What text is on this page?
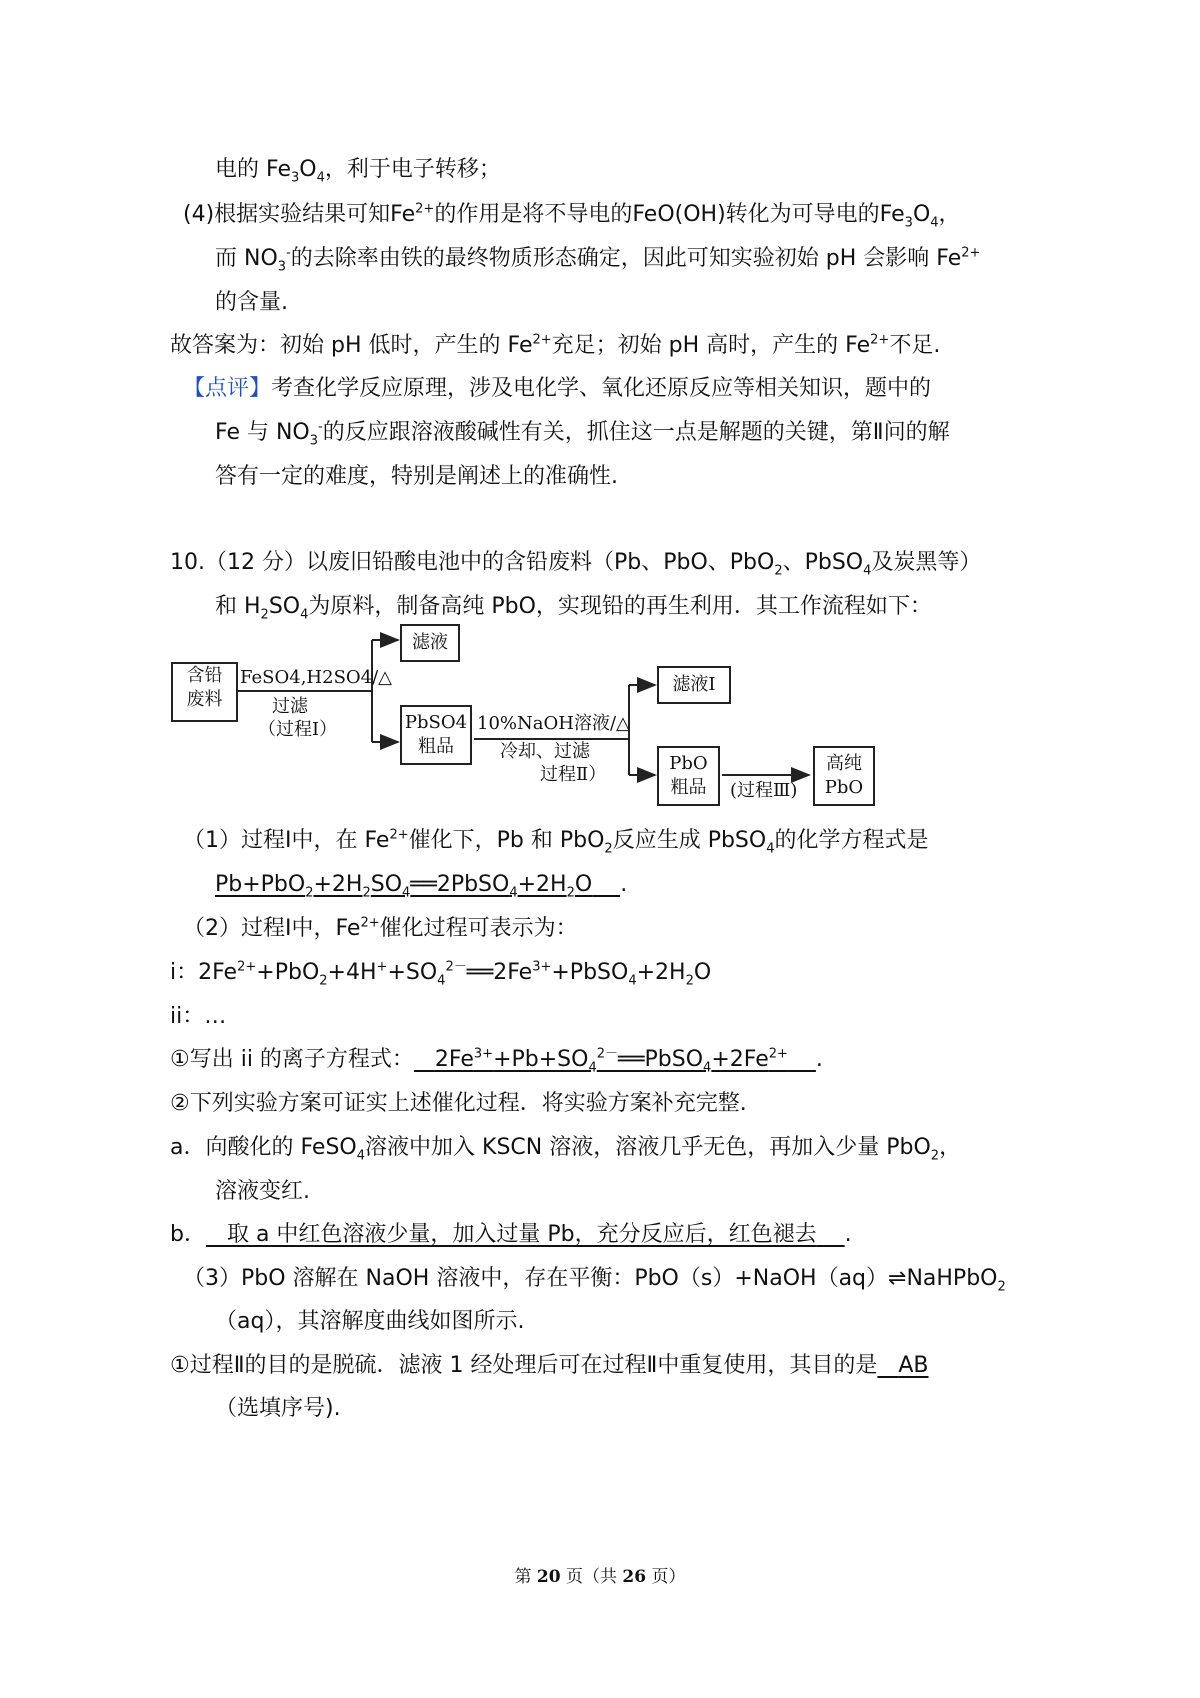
电的 $Fe_3O_4$，利于电子转移；
(4)根据实验结果可知$Fe^{2+}$的作用是将不导电的FeO(OH)转化为可导电的$Fe_3O_4$，
而 $NO_3^-$的去除率由铁的最终物质形态确定，因此可知实验初始 pH 会影响 $Fe^{2+}$
的含量.
故答案为：初始 pH 低时，产生的 $Fe^{2+}$充足；初始 pH 高时，产生的 $Fe^{2+}$不足.
【点评】考查化学反应原理，涉及电化学、氧化还原反应等相关知识，题中的
Fe 与 $NO_3^-$的反应跟溶液酸碱性有关，抓住这一点是解题的关键，第Ⅱ问的解
答有一定的难度，特别是阐述上的准确性.
10.（12 分）以废旧铅酸电池中的含铅废料（Pb、PbO、PbO$_2$、PbSO$_4$及炭黑等）
和 $H_2SO_4$为原料，制备高纯 PbO，实现铅的再生利用．其工作流程如下：
含铅
废料
FeSO4,H2SO4/△
过滤
（过程Ⅰ）
滤液
PbSO4
粗品
10%NaOH溶液/△
冷却、过滤
过程Ⅱ）
滤液Ⅰ
PbO
粗品	(过程Ⅲ)
高纯
PbO
（1）过程Ⅰ中，在 $Fe^{2+}$催化下，Pb 和 PbO$_2$反应生成 PbSO$_4$的化学方程式是
$Pb+PbO_2+2H_2SO_4══2PbSO_4+2H_2O$ .
（2）过程Ⅰ中，$Fe^{2+}$催化过程可表示为：
i：$2Fe^{2+}+PbO_2+4H^++SO_4^{2-}══2Fe^{3+}+PbSO_4+2H_2O$
ii：…
①写出 ii 的离子方程式： $2Fe^{3+}+Pb+SO_4^{2-}══PbSO_4+2Fe^{2+}$ .
②下列实验方案可证实上述催化过程．将实验方案补充完整.
a．向酸化的 FeSO$_4$溶液中加入 KSCN 溶液，溶液几乎无色，再加入少量 PbO$_2$，
溶液变红.
b． 取 a 中红色溶液少量，加入过量 Pb，充分反应后，红色褪去 .
（3）PbO 溶解在 NaOH 溶液中，存在平衡：PbO（s）+NaOH（aq）⇌NaHPbO$_2$
（aq），其溶解度曲线如图所示.
①过程Ⅱ的目的是脱硫．滤液 1 经处理后可在过程Ⅱ中重复使用，其目的是 AB
（选填序号).
第 20 页（共 26 页）
